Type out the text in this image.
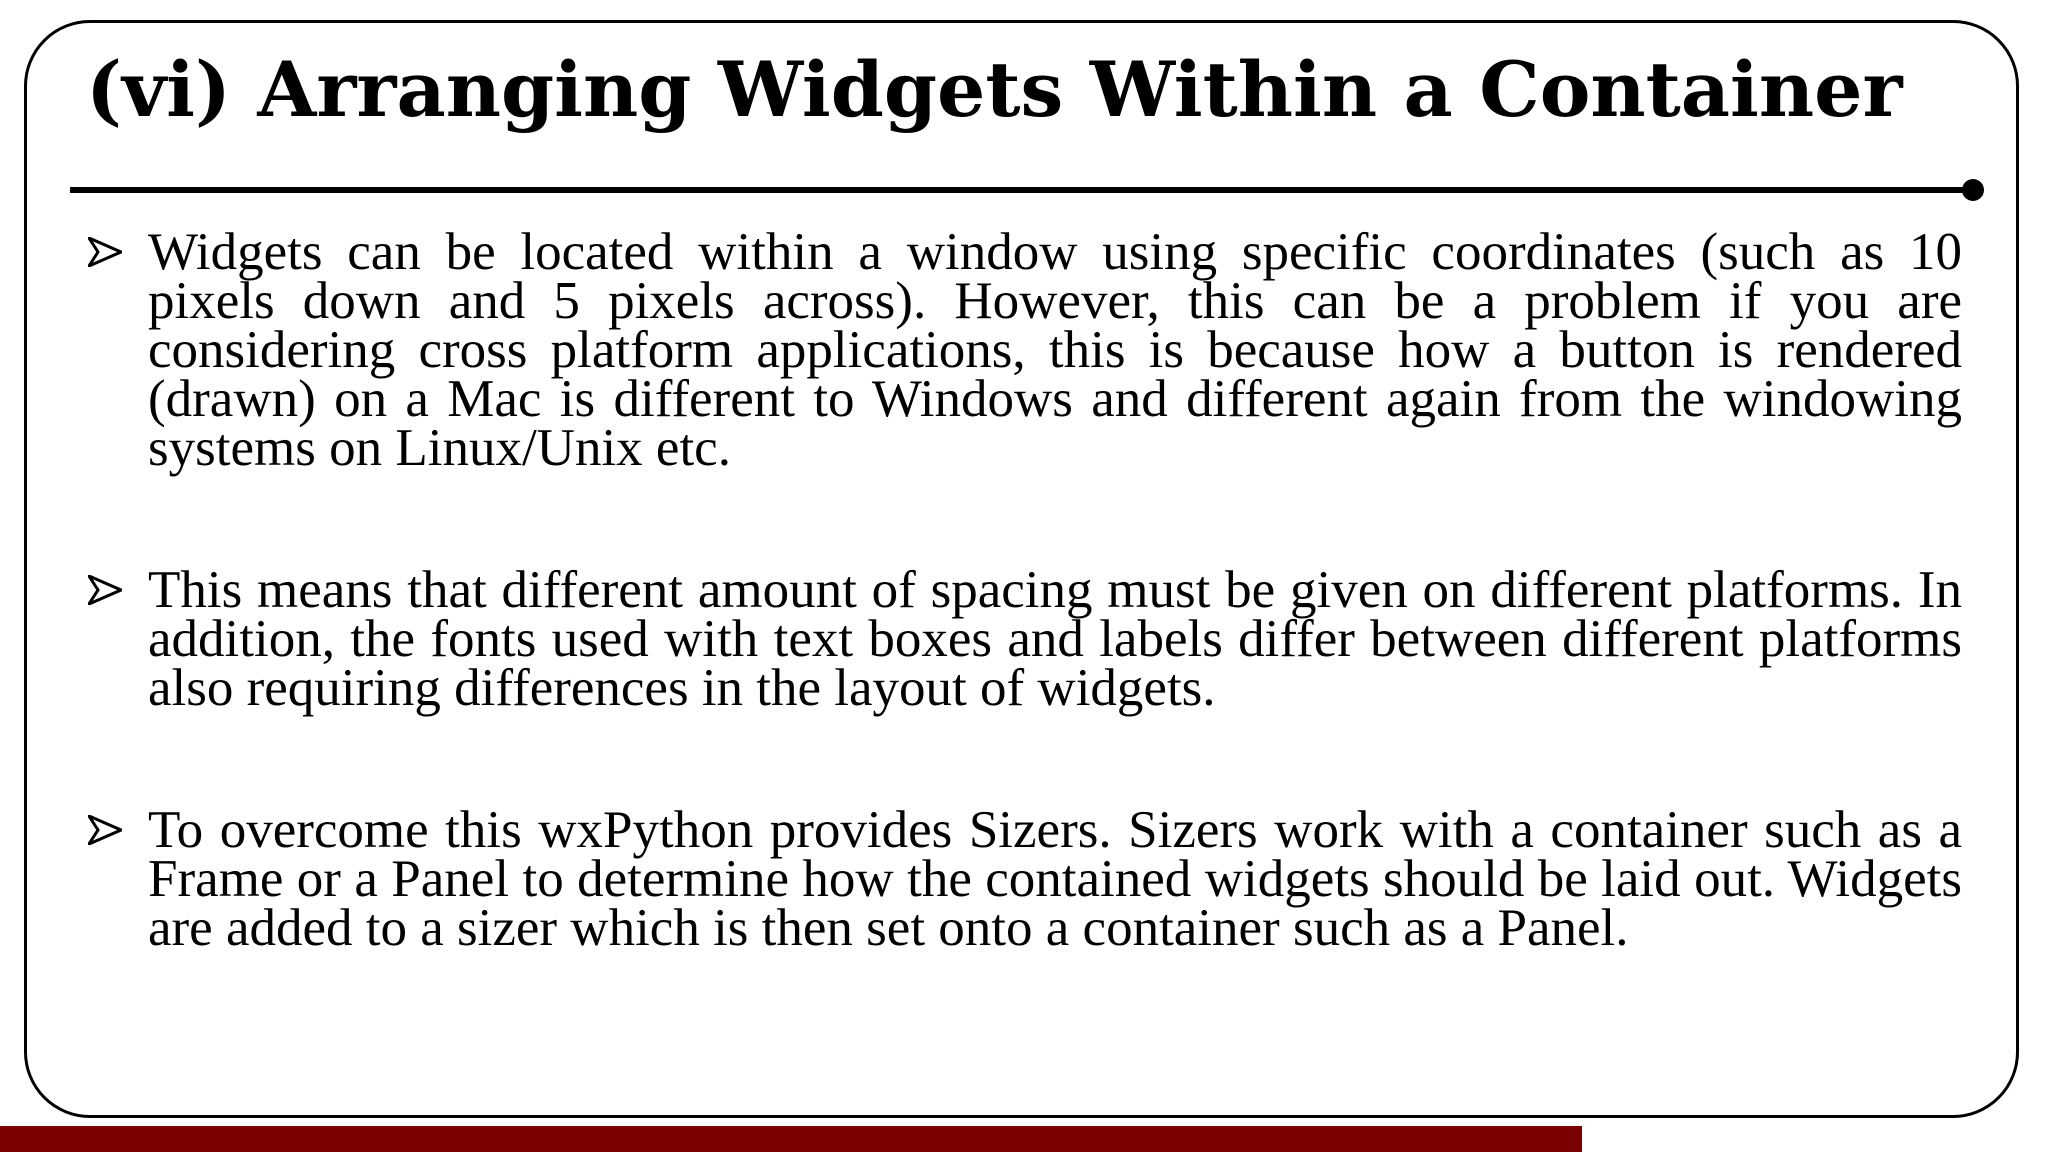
(vi) Arranging Widgets Within a Container
Widgets can be located within a window using specific coordinates (such as 10 pixels down and 5 pixels across). However, this can be a problem if you are considering cross platform applications, this is because how a button is rendered (drawn) on a Mac is different to Windows and different again from the windowing systems on Linux/Unix etc.
This means that different amount of spacing must be given on different platforms. In addition, the fonts used with text boxes and labels differ between different platforms also requiring differences in the layout of widgets.
To overcome this wxPython provides Sizers. Sizers work with a container such as a Frame or a Panel to determine how the contained widgets should be laid out. Widgets are added to a sizer which is then set onto a container such as a Panel.
